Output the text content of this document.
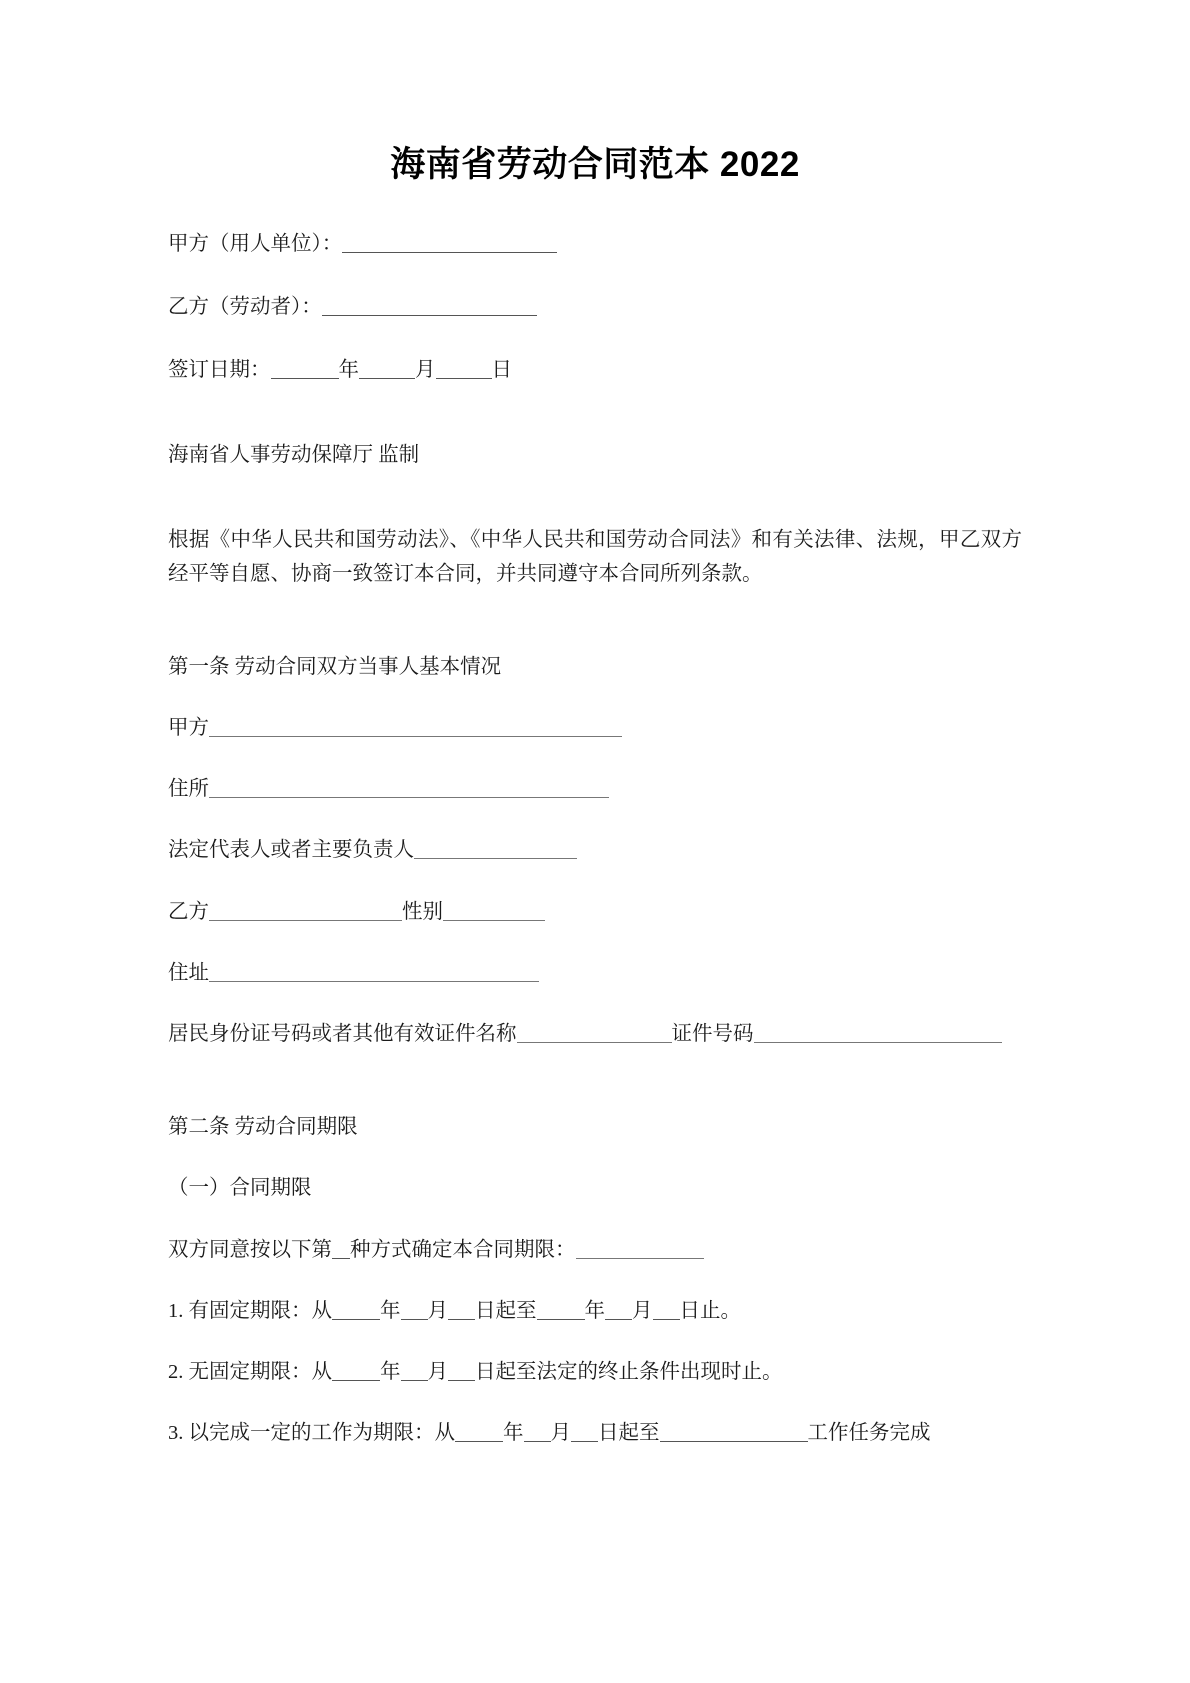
海南省劳动合同范本 2022

甲方（用人单位）：

乙方（劳动者）：

签订日期：	年	月	日

海南省人事劳动保障厅 监制

根据《中华人民共和国劳动法》、《中华人民共和国劳动合同法》和有关法律、法规，甲乙双方经平等自愿、协商一致签订本合同，并共同遵守本合同所列条款。

第一条 劳动合同双方当事人基本情况

甲方

住所

法定代表人或者主要负责人

乙方	性别

住址

居民身份证号码或者其他有效证件名称	证件号码

第二条 劳动合同期限

（一）合同期限

双方同意按以下第 种方式确定本合同期限：

1. 有固定期限：从 年 月 日起至 年 月 日止。

2. 无固定期限：从 年 月 日起至法定的终止条件出现时止。

3. 以完成一定的工作为期限：从 年 月 日起至	工作任务完成
